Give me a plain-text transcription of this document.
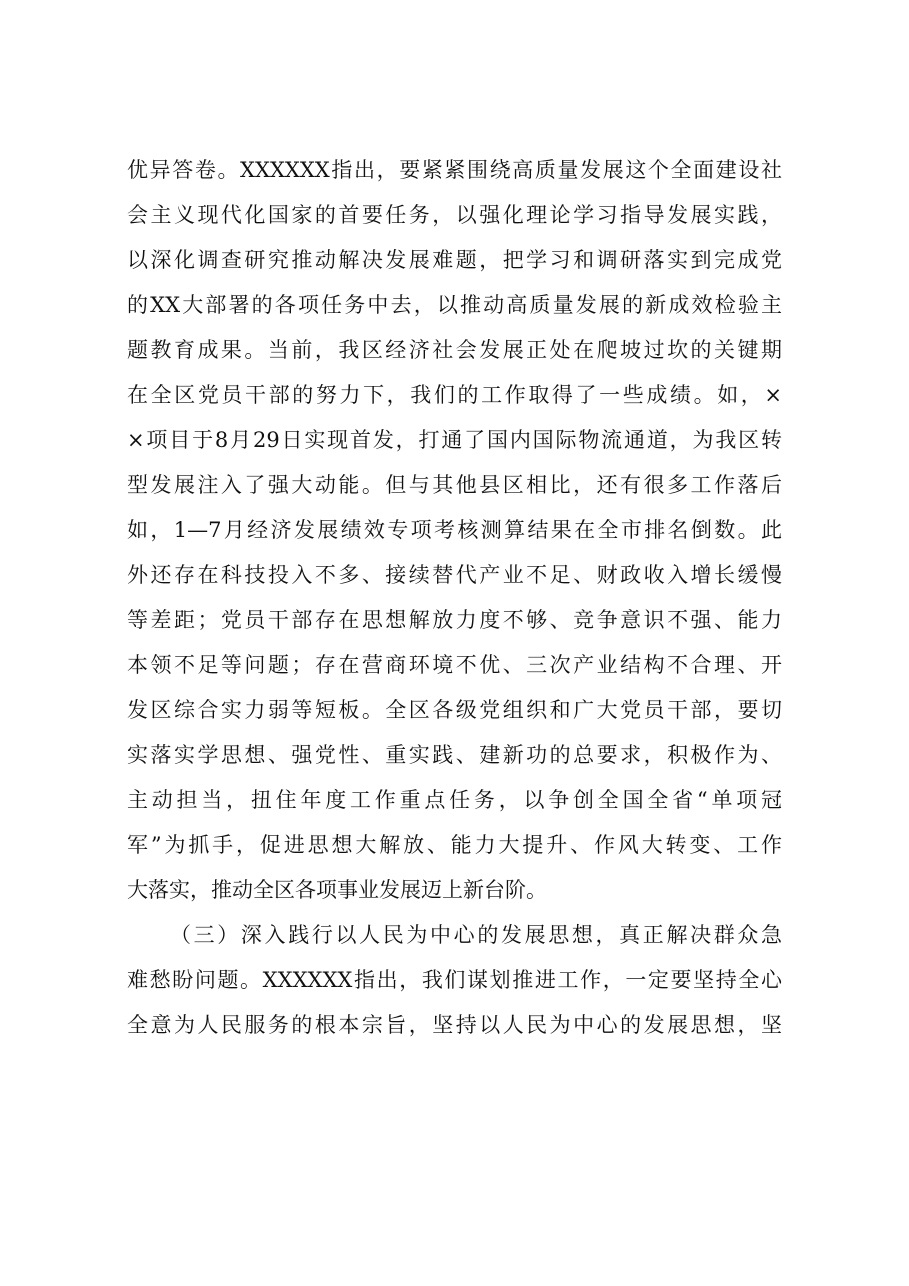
优异答卷。XXXXXX指出，要紧紧围绕高质量发展这个全面建设社
会主义现代化国家的首要任务，以强化理论学习指导发展实践，
以深化调查研究推动解决发展难题，把学习和调研落实到完成党
的XX大部署的各项任务中去，以推动高质量发展的新成效检验主
题教育成果。当前，我区经济社会发展正处在爬坡过坎的关键期
在全区党员干部的努力下，我们的工作取得了一些成绩。如，×
×项目于8月29日实现首发，打通了国内国际物流通道，为我区转
型发展注入了强大动能。但与其他县区相比，还有很多工作落后
如，1—7月经济发展绩效专项考核测算结果在全市排名倒数。此
外还存在科技投入不多、接续替代产业不足、财政收入增长缓慢
等差距；党员干部存在思想解放力度不够、竞争意识不强、能力
本领不足等问题；存在营商环境不优、三次产业结构不合理、开
发区综合实力弱等短板。全区各级党组织和广大党员干部，要切
实落实学思想、强党性、重实践、建新功的总要求，积极作为、
主动担当，扭住年度工作重点任务，以争创全国全省“单项冠
军”为抓手，促进思想大解放、能力大提升、作风大转变、工作
大落实，推动全区各项事业发展迈上新台阶。
（三）深入践行以人民为中心的发展思想，真正解决群众急
难愁盼问题。XXXXXX指出，我们谋划推进工作，一定要坚持全心
全意为人民服务的根本宗旨，坚持以人民为中心的发展思想，坚
